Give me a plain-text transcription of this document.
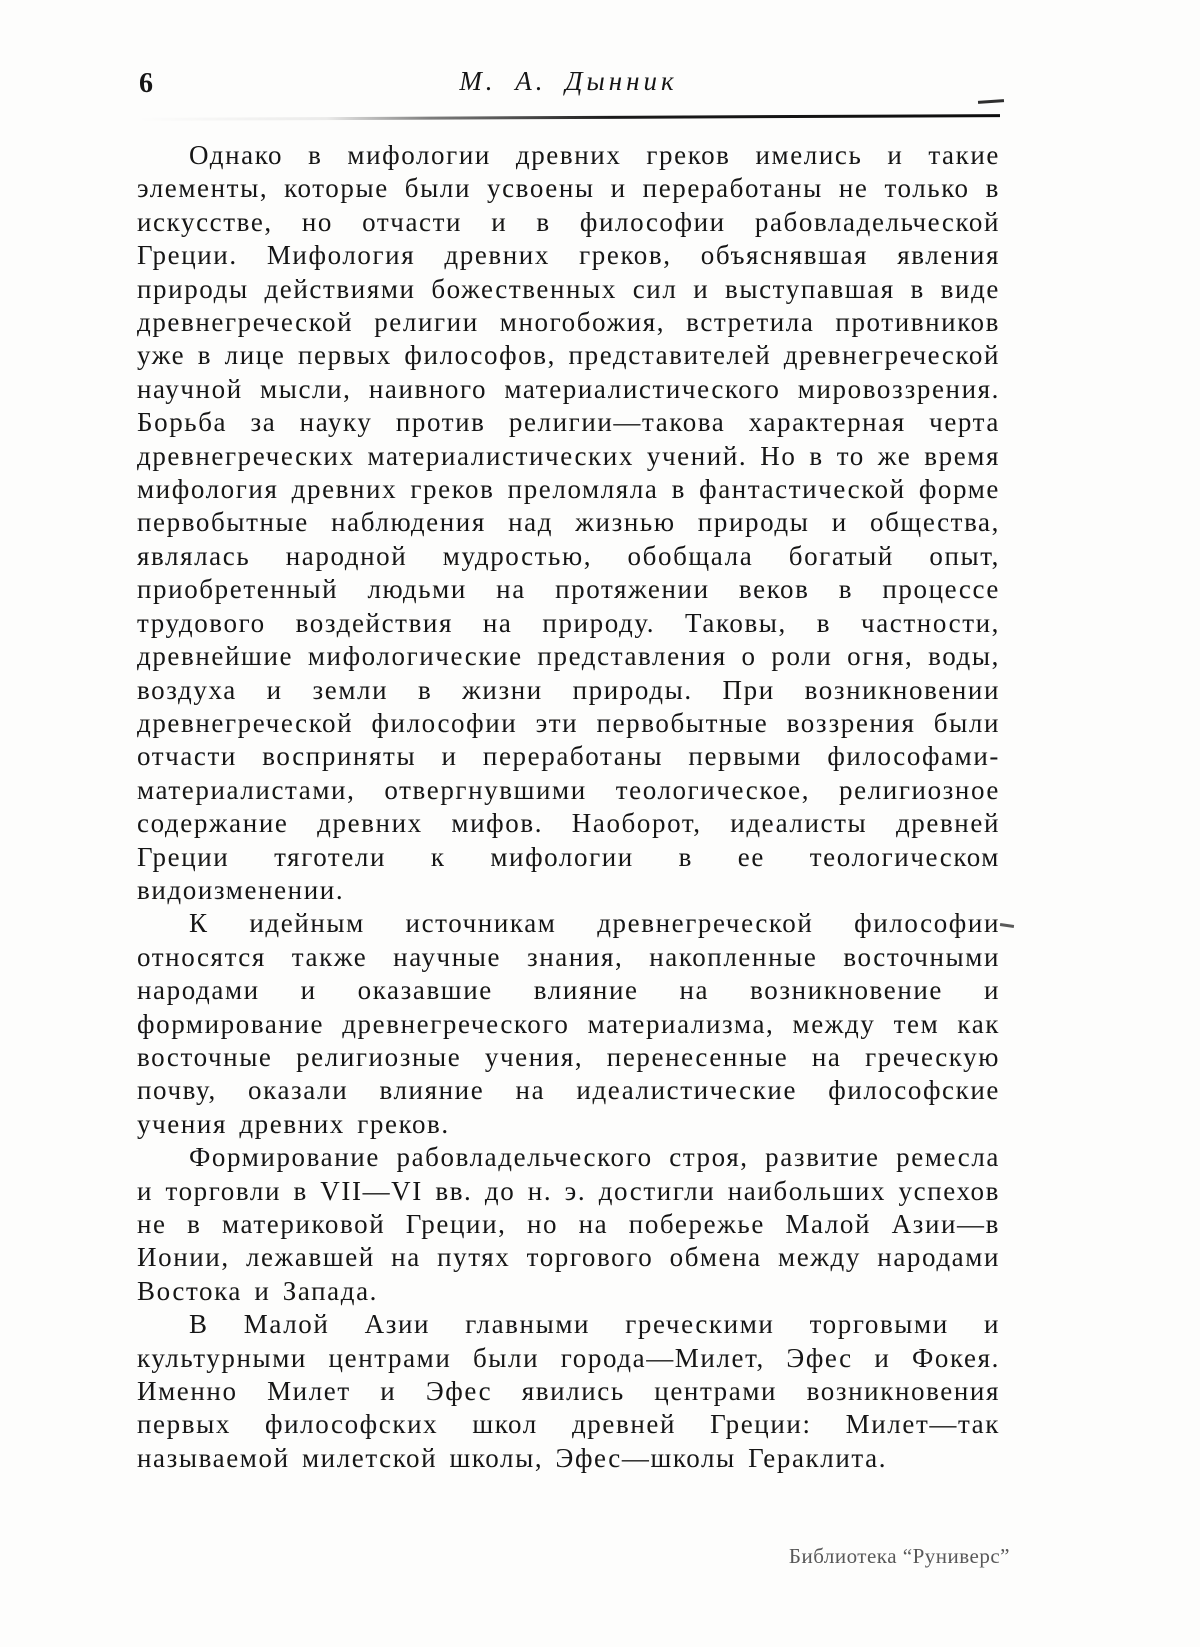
6	М. А. Дынник

Однако в мифологии древних греков имелись и такие элементы, которые были усвоены и переработаны не только в искусстве, но отчасти и в философии рабовладельческой Греции. Мифология древних греков, объяснявшая явления природы действиями божественных сил и выступавшая в виде древнегреческой религии многобожия, встретила противников уже в лице первых философов, представителей древнегреческой научной мысли, наивного материалистического мировоззрения. Борьба за науку против религии—такова характерная черта древнегреческих материалистических учений. Но в то же время мифология древних греков преломляла в фантастической форме первобытные наблюдения над жизнью природы и общества, являлась народной мудростью, обобщала богатый опыт, приобретенный людьми на протяжении веков в процессе трудового воздействия на природу. Таковы, в частности, древнейшие мифологические представления о роли огня, воды, воздуха и земли в жизни природы. При возникновении древнегреческой философии эти первобытные воззрения были отчасти восприняты и переработаны первыми философами-материалистами, отвергнувшими теологическое, религиозное содержание древних мифов. Наоборот, идеалисты древней Греции тяготели к мифологии в ее теологическом видоизменении.

К идейным источникам древнегреческой философии относятся также научные знания, накопленные восточными народами и оказавшие влияние на возникновение и формирование древнегреческого материализма, между тем как восточные религиозные учения, перенесенные на греческую почву, оказали влияние на идеалистические философские учения древних греков.

Формирование рабовладельческого строя, развитие ремесла и торговли в VII—VI вв. до н. э. достигли наибольших успехов не в материковой Греции, но на побережье Малой Азии—в Ионии, лежавшей на путях торгового обмена между народами Востока и Запада.

В Малой Азии главными греческими торговыми и культурными центрами были города—Милет, Эфес и Фокея. Именно Милет и Эфес явились центрами возникновения первых философских школ древней Греции: Милет—так называемой милетской школы, Эфес—школы Гераклита.

Библиотека “Руниверс”
